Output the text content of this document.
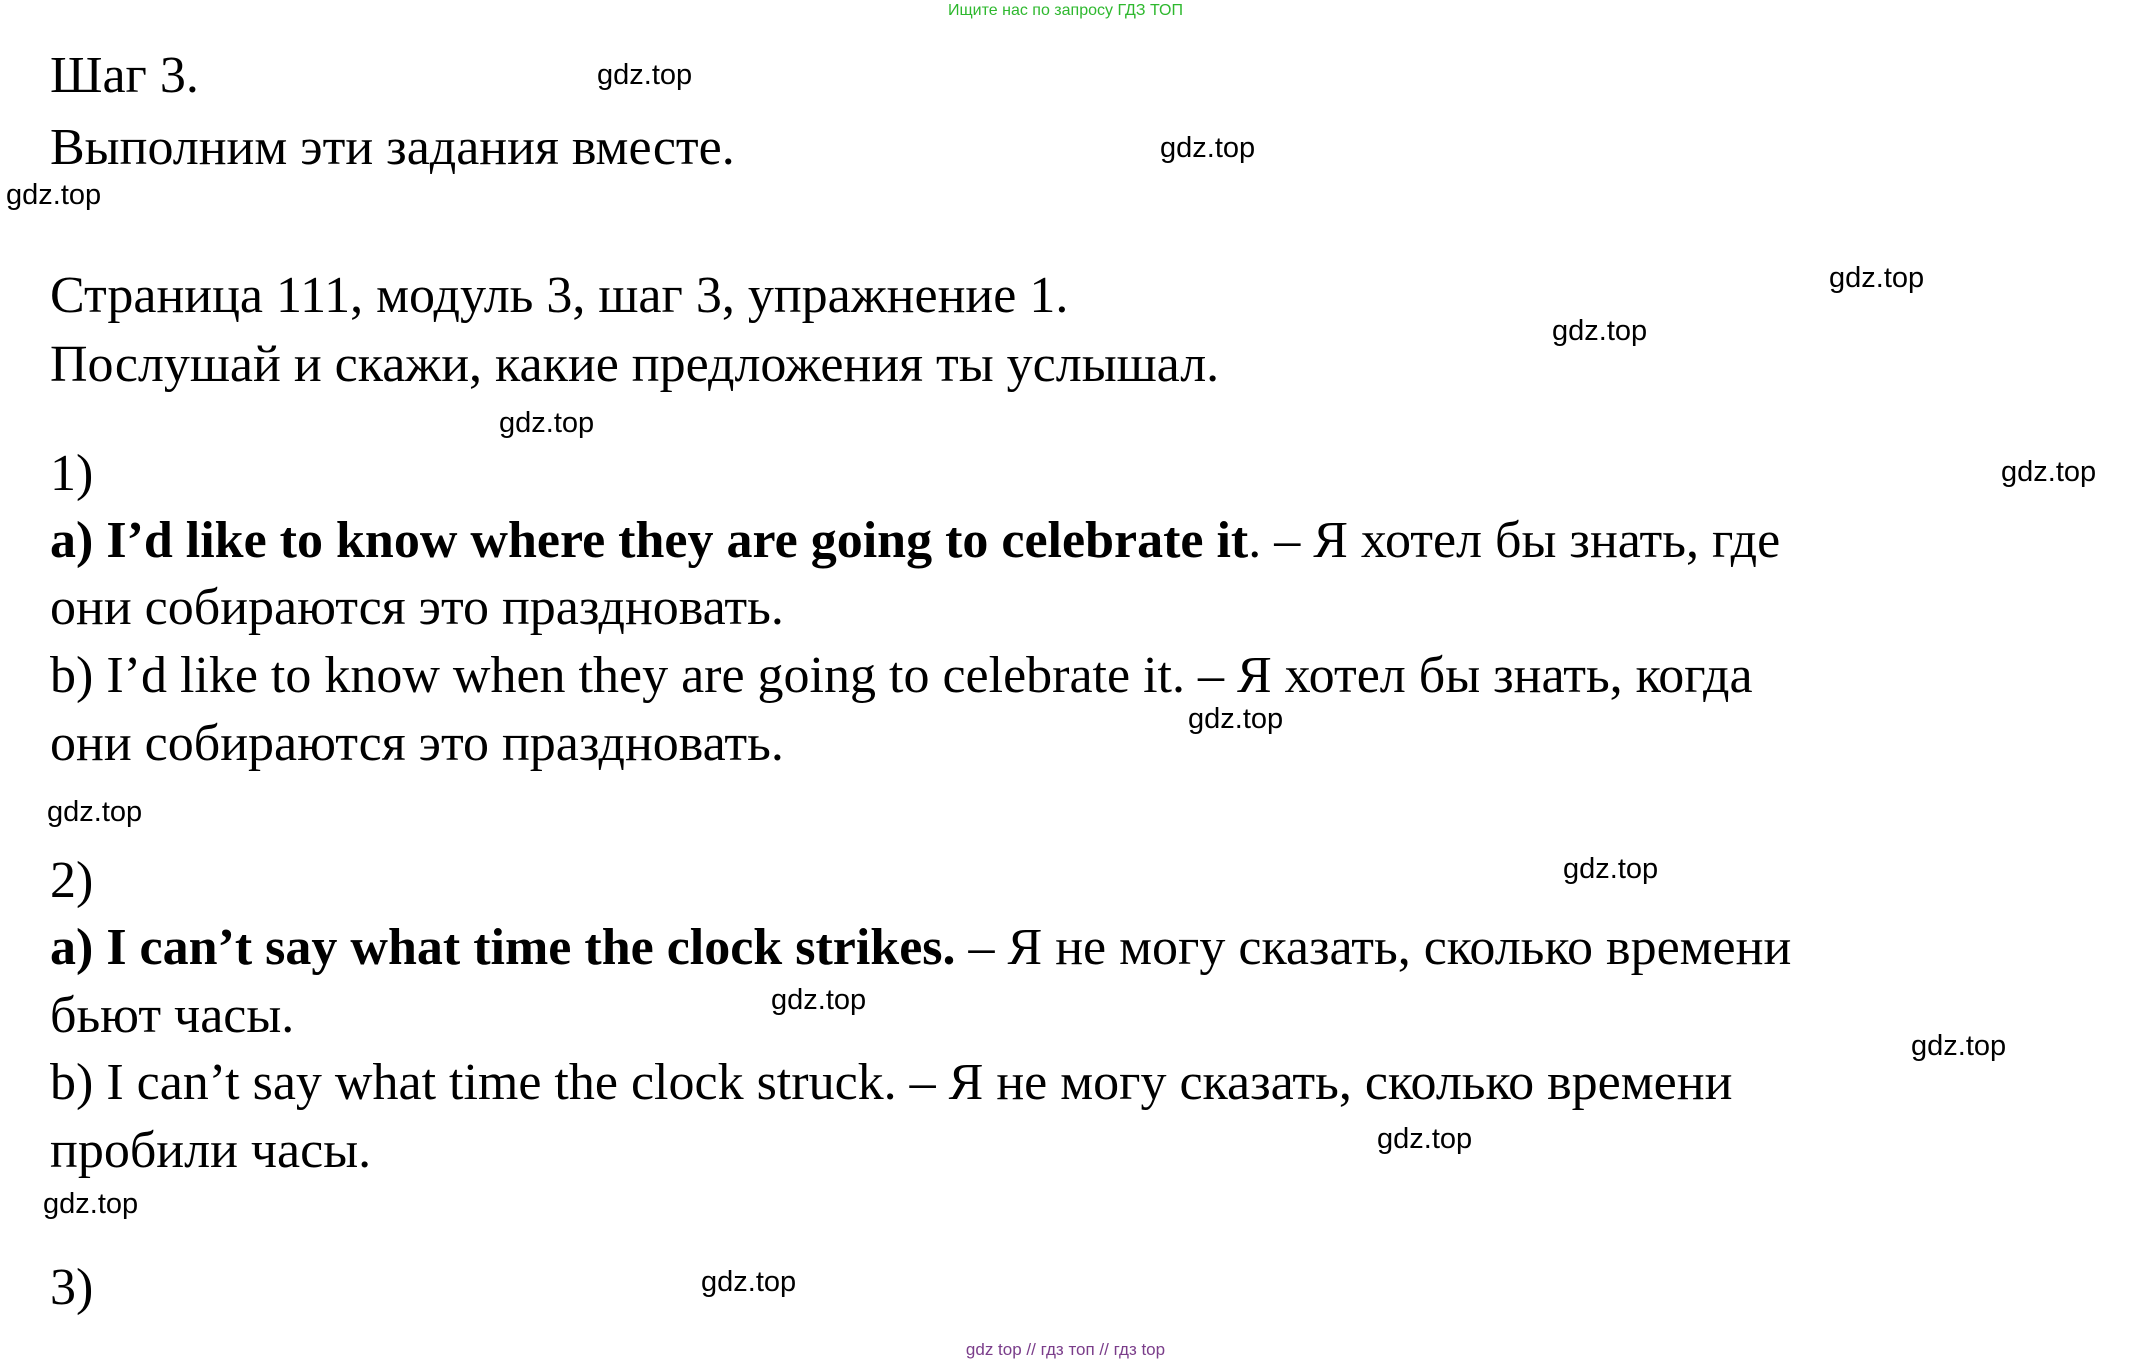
Ищите нас по запросу ГДЗ ТОП
Шаг 3.
Выполним эти задания вместе.
Страница 111, модуль 3, шаг 3, упражнение 1.
Послушай и скажи, какие предложения ты услышал.
1)
a) I’d like to know where they are going to celebrate it. – Я хотел бы знать, где
они собираются это праздновать.
b) I’d like to know when they are going to celebrate it. – Я хотел бы знать, когда
они собираются это праздновать.
2)
a) I can’t say what time the clock strikes. – Я не могу сказать, сколько времени
бьют часы.
b) I can’t say what time the clock struck. – Я не могу сказать, сколько времени
пробили часы.
3)
gdz.top
gdz.top
gdz.top
gdz.top
gdz.top
gdz.top
gdz.top
gdz.top
gdz.top
gdz.top
gdz.top
gdz.top
gdz.top
gdz.top
gdz.top
gdz top // гдз топ // гдз top
